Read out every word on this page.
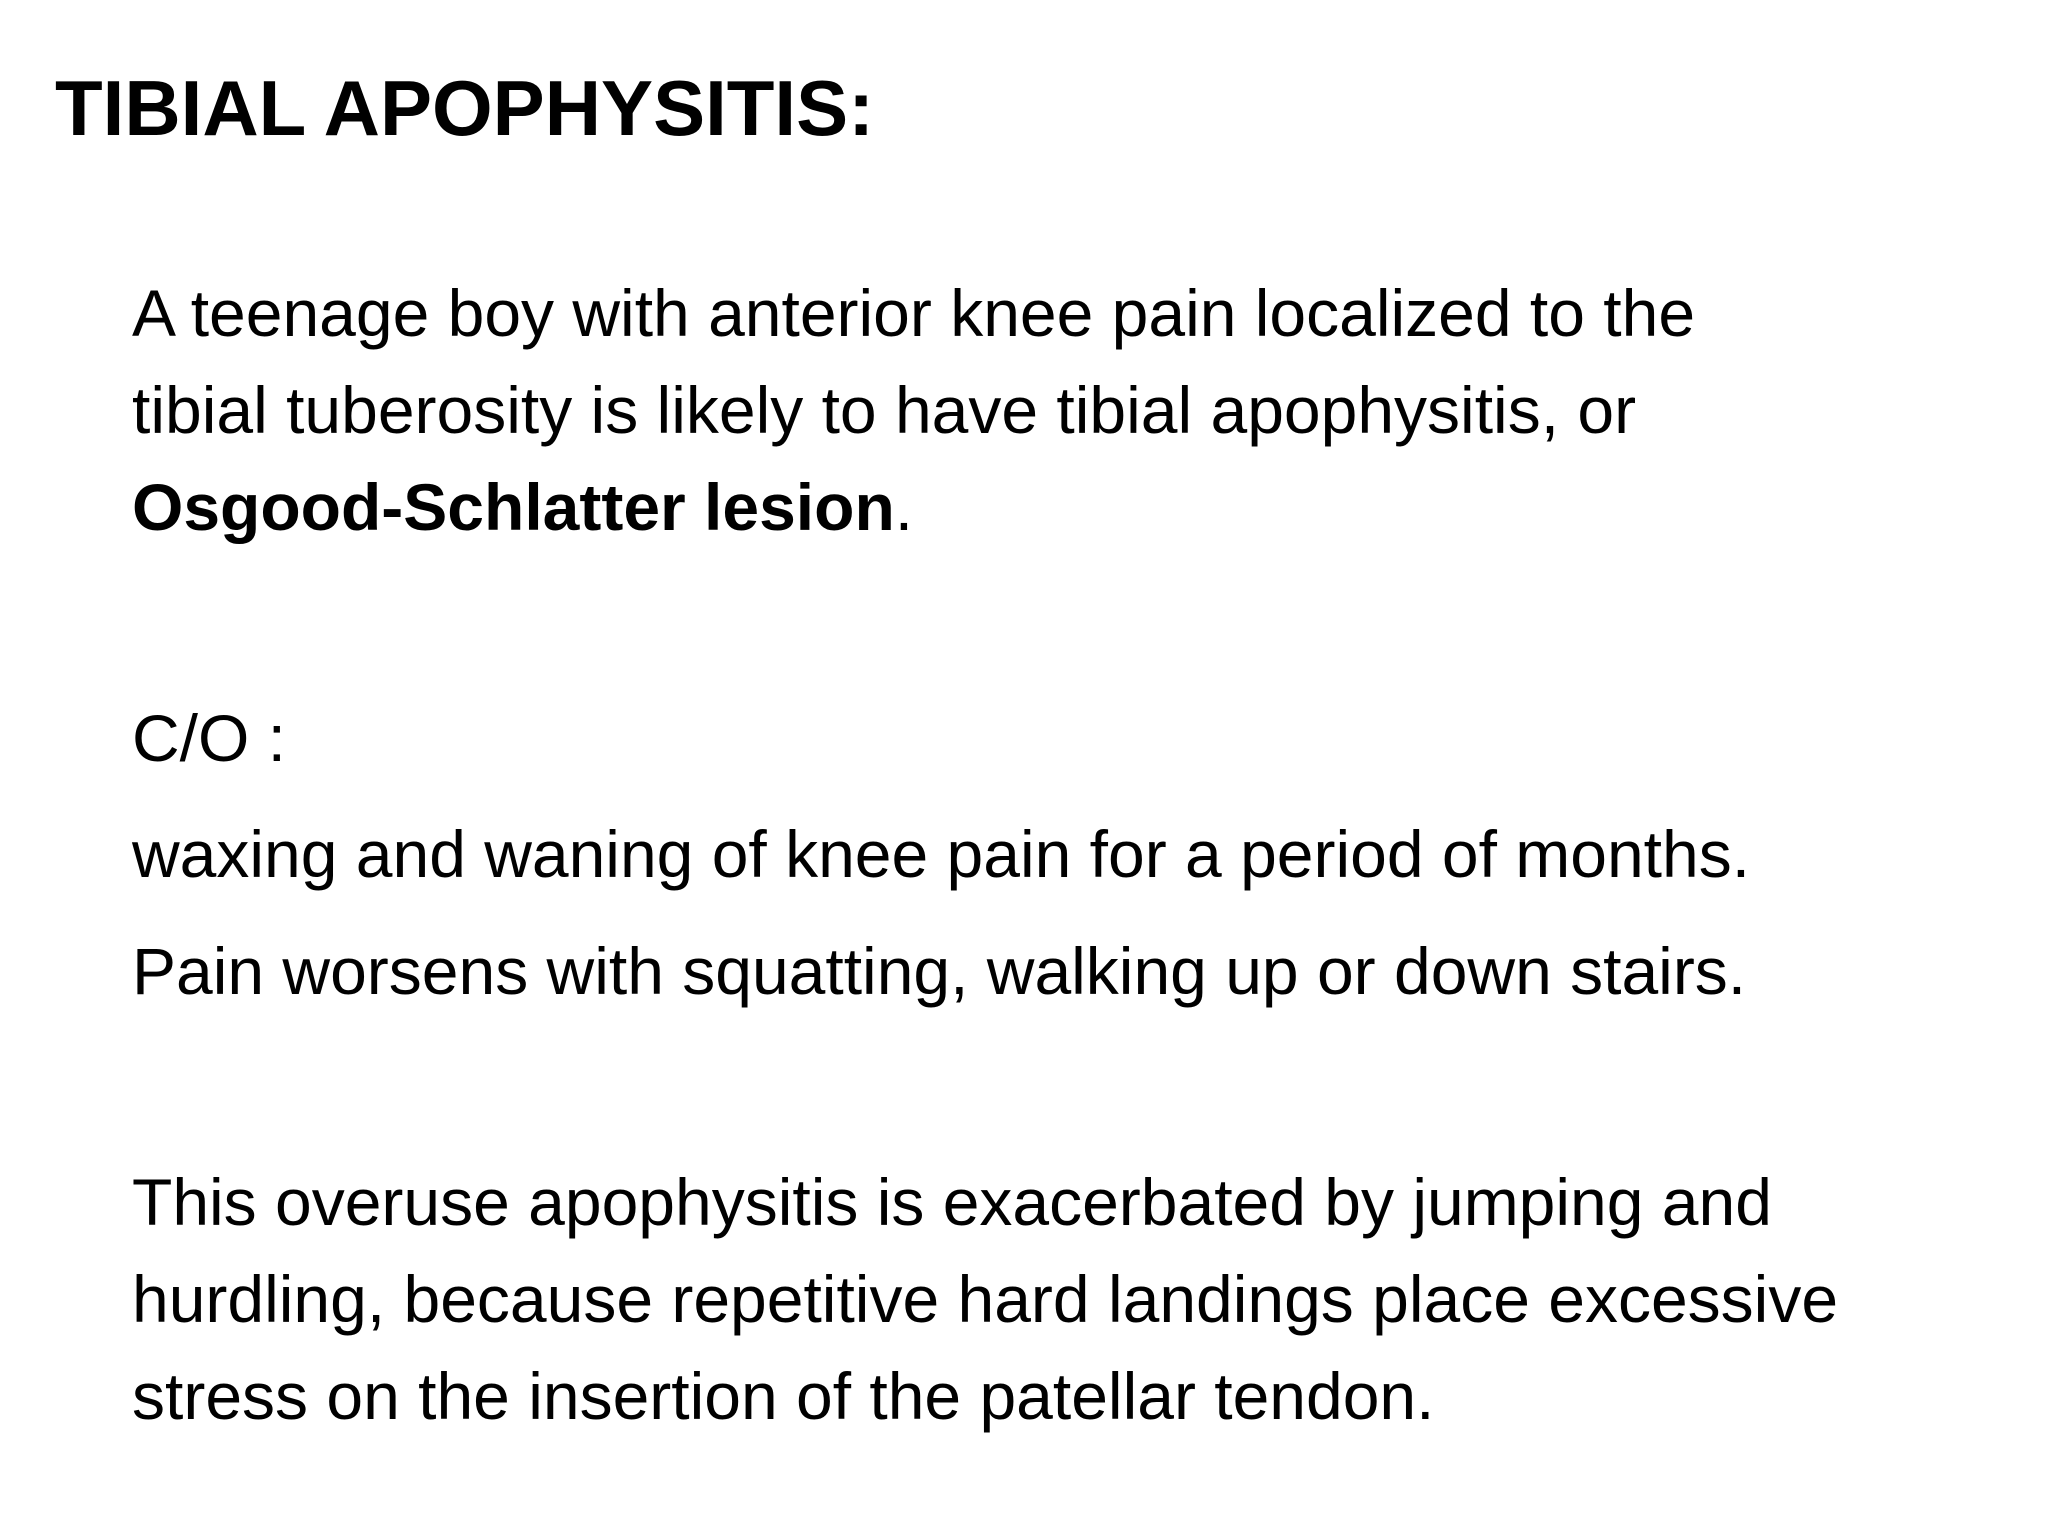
TIBIAL APOPHYSITIS:

A teenage boy with anterior knee pain localized to the
tibial tuberosity is likely to have tibial apophysitis, or
Osgood-Schlatter lesion.

C/O :

waxing and waning of knee pain for a period of months.

Pain worsens with squatting, walking up or down stairs.

This overuse apophysitis is exacerbated by jumping and
hurdling, because repetitive hard landings place excessive
stress on the insertion of the patellar tendon.
